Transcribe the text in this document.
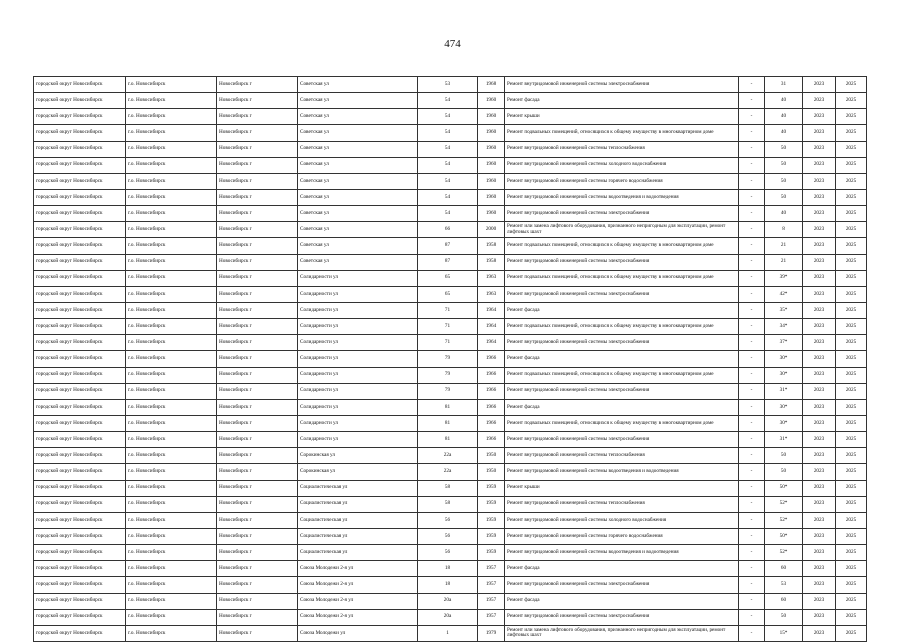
474
городской округ Новосибирск	г.о. Новосибирск	Новосибирск г	Советская ул	53	1968	Ремонт внутридомовой инженерной системы электроснабжения	-	31	2023	2025
городской округ Новосибирск	г.о. Новосибирск	Новосибирск г	Советская ул	54	1960	Ремонт фасада	-	40	2023	2025
городской округ Новосибирск	г.о. Новосибирск	Новосибирск г	Советская ул	54	1960	Ремонт крыши	-	40	2023	2025
городской округ Новосибирск	г.о. Новосибирск	Новосибирск г	Советская ул	54	1960	Ремонт подвальных помещений, относящихся к общему имуществу в многоквартирном доме	-	40	2023	2025
городской округ Новосибирск	г.о. Новосибирск	Новосибирск г	Советская ул	54	1960	Ремонт внутридомовой инженерной системы теплоснабжения	-	50	2023	2025
городской округ Новосибирск	г.о. Новосибирск	Новосибирск г	Советская ул	54	1960	Ремонт внутридомовой инженерной системы холодного водоснабжения	-	50	2023	2025
городской округ Новосибирск	г.о. Новосибирск	Новосибирск г	Советская ул	54	1960	Ремонт внутридомовой инженерной системы горячего водоснабжения	-	50	2023	2025
городской округ Новосибирск	г.о. Новосибирск	Новосибирск г	Советская ул	54	1960	Ремонт внутридомовой инженерной системы водоотведения и водоотведения	-	50	2023	2025
городской округ Новосибирск	г.о. Новосибирск	Новосибирск г	Советская ул	54	1960	Ремонт внутридомовой инженерной системы электроснабжения	-	40	2023	2025
городской округ Новосибирск	г.о. Новосибирск	Новосибирск г	Советская ул	66	2000	Ремонт или замена лифтового оборудования, признанного непригодным для эксплуатации, ремонт лифтовых шахт	-	8	2023	2025
городской округ Новосибирск	г.о. Новосибирск	Новосибирск г	Советская ул	87	1958	Ремонт подвальных помещений, относящихся к общему имуществу в многоквартирном доме	-	21	2023	2025
городской округ Новосибирск	г.о. Новосибирск	Новосибирск г	Советская ул	87	1958	Ремонт внутридомовой инженерной системы электроснабжения	-	21	2023	2025
городской округ Новосибирск	г.о. Новосибирск	Новосибирск г	Солидарности ул	65	1963	Ремонт подвальных помещений, относящихся к общему имуществу в многоквартирном доме	-	39*	2023	2025
городской округ Новосибирск	г.о. Новосибирск	Новосибирск г	Солидарности ул	65	1963	Ремонт внутридомовой инженерной системы электроснабжения	-	42*	2023	2025
городской округ Новосибирск	г.о. Новосибирск	Новосибирск г	Солидарности ул	71	1964	Ремонт фасада	-	35*	2023	2025
городской округ Новосибирск	г.о. Новосибирск	Новосибирск г	Солидарности ул	71	1964	Ремонт подвальных помещений, относящихся к общему имуществу в многоквартирном доме	-	34*	2023	2025
городской округ Новосибирск	г.о. Новосибирск	Новосибирск г	Солидарности ул	71	1964	Ремонт внутридомовой инженерной системы электроснабжения	-	37*	2023	2025
городской округ Новосибирск	г.о. Новосибирск	Новосибирск г	Солидарности ул	79	1966	Ремонт фасада	-	30*	2023	2025
городской округ Новосибирск	г.о. Новосибирск	Новосибирск г	Солидарности ул	79	1966	Ремонт подвальных помещений, относящихся к общему имуществу в многоквартирном доме	-	30*	2023	2025
городской округ Новосибирск	г.о. Новосибирск	Новосибирск г	Солидарности ул	79	1966	Ремонт внутридомовой инженерной системы электроснабжения	-	31*	2023	2025
городской округ Новосибирск	г.о. Новосибирск	Новосибирск г	Солидарности ул	81	1966	Ремонт фасада	-	30*	2023	2025
городской округ Новосибирск	г.о. Новосибирск	Новосибирск г	Солидарности ул	81	1966	Ремонт подвальных помещений, относящихся к общему имуществу в многоквартирном доме	-	30*	2023	2025
городской округ Новосибирск	г.о. Новосибирск	Новосибирск г	Солидарности ул	81	1966	Ремонт внутридомовой инженерной системы электроснабжения	-	31*	2023	2025
городской округ Новосибирск	г.о. Новосибирск	Новосибирск г	Сорокинская ул	22а	1950	Ремонт внутридомовой инженерной системы теплоснабжения	-	50	2023	2025
городской округ Новосибирск	г.о. Новосибирск	Новосибирск г	Сорокинская ул	22а	1950	Ремонт внутридомовой инженерной системы водоотведения и водоотведения	-	50	2023	2025
городской округ Новосибирск	г.о. Новосибирск	Новосибирск г	Социалистическая ул	58	1959	Ремонт крыши	-	50*	2023	2025
городской округ Новосибирск	г.о. Новосибирск	Новосибирск г	Социалистическая ул	58	1959	Ремонт внутридомовой инженерной системы теплоснабжения	-	52*	2023	2025
городской округ Новосибирск	г.о. Новосибирск	Новосибирск г	Социалистическая ул	56	1959	Ремонт внутридомовой инженерной системы холодного водоснабжения	-	52*	2023	2025
городской округ Новосибирск	г.о. Новосибирск	Новосибирск г	Социалистическая ул	56	1959	Ремонт внутридомовой инженерной системы горячего водоснабжения	-	50*	2023	2025
городской округ Новосибирск	г.о. Новосибирск	Новосибирск г	Социалистическая ул	56	1959	Ремонт внутридомовой инженерной системы водоотведения и водоотведения	-	52*	2023	2025
городской округ Новосибирск	г.о. Новосибирск	Новосибирск г	Союза Молодежи 2-я ул	18	1957	Ремонт фасада	-	60	2023	2025
городской округ Новосибирск	г.о. Новосибирск	Новосибирск г	Союза Молодежи 2-я ул	18	1957	Ремонт внутридомовой инженерной системы электроснабжения	-	53	2023	2025
городской округ Новосибирск	г.о. Новосибирск	Новосибирск г	Союза Молодежи 2-я ул	20а	1957	Ремонт фасада	-	60	2023	2025
городской округ Новосибирск	г.о. Новосибирск	Новосибирск г	Союза Молодежи 2-я ул	20а	1957	Ремонт внутридомовой инженерной системы электроснабжения	-	50	2023	2025
городской округ Новосибирск	г.о. Новосибирск	Новосибирск г	Союза Молодежи ул	1	1979	Ремонт или замена лифтового оборудования, признанного непригодным для эксплуатации, ремонт лифтовых шахт	-	15*	2023	2025
